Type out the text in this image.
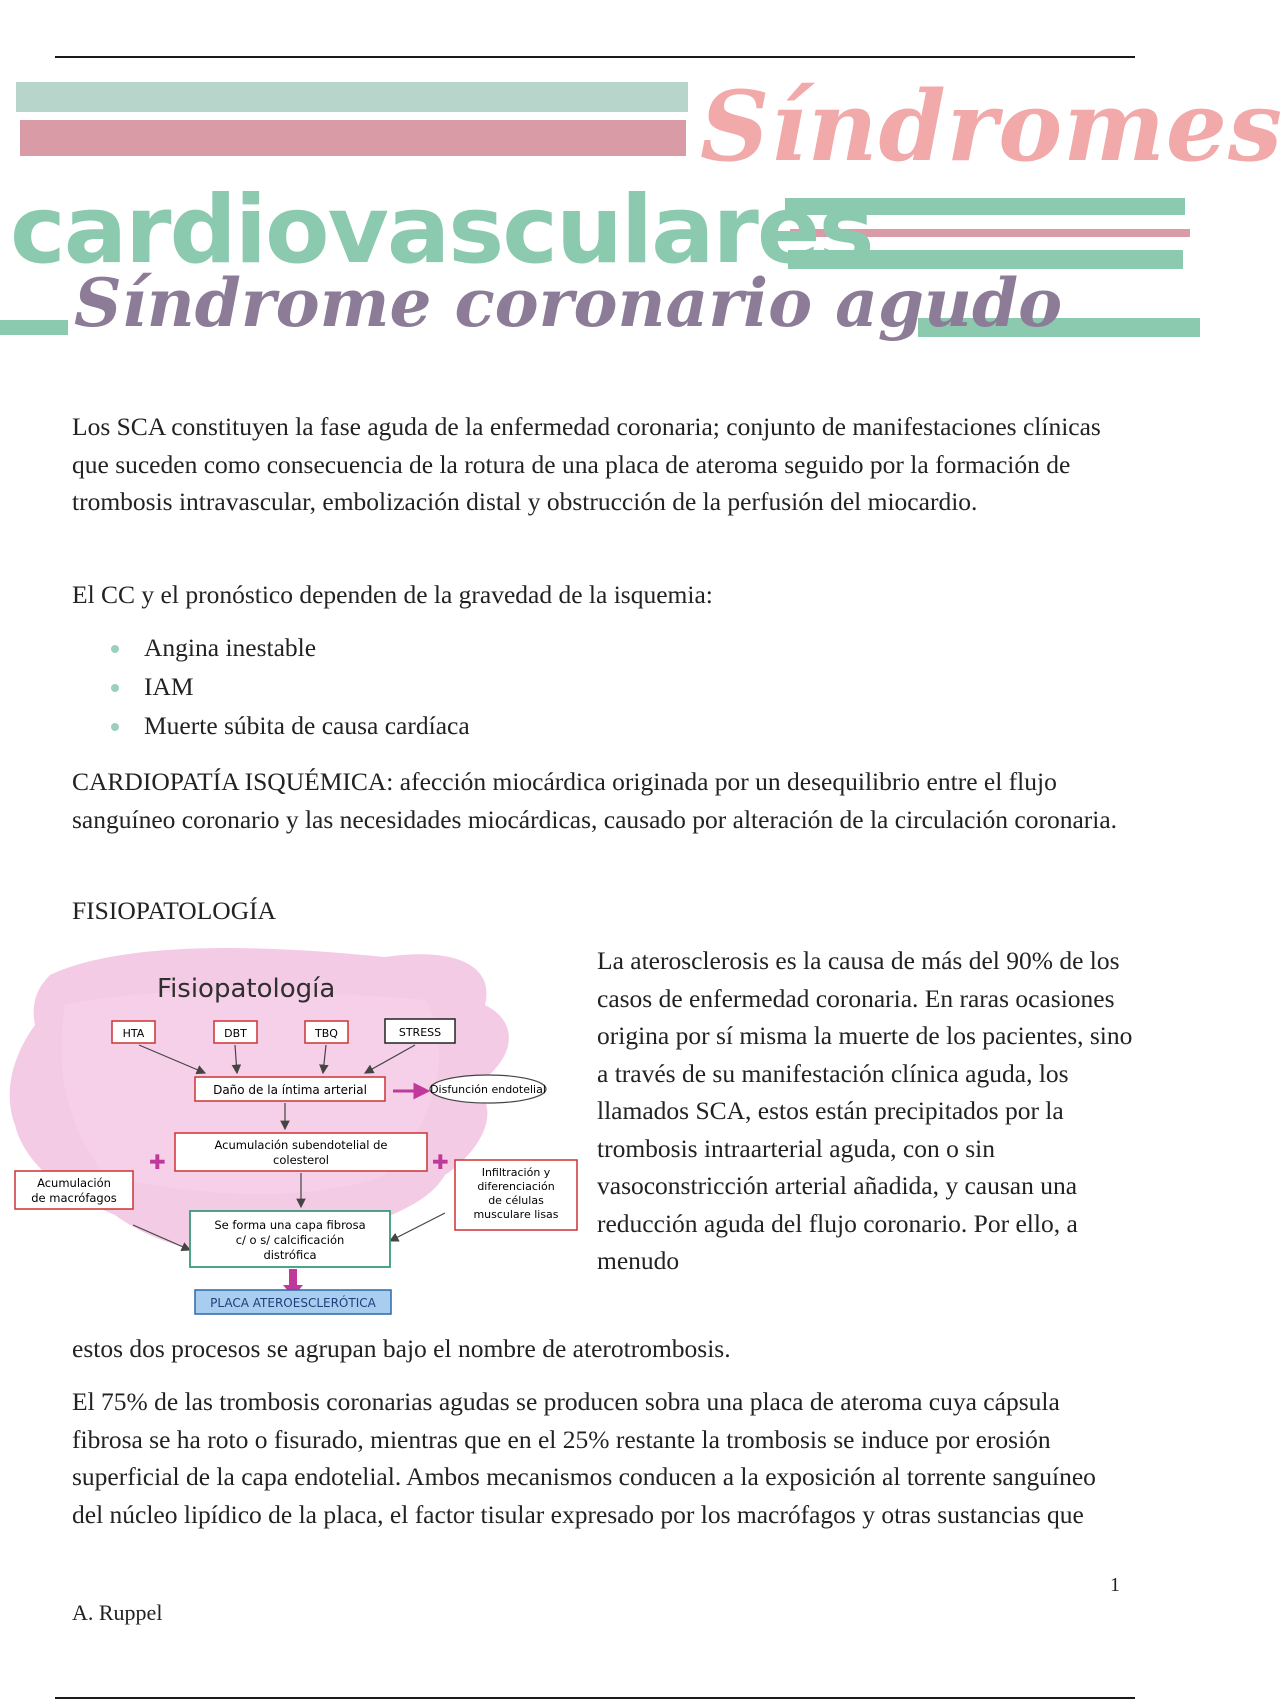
Síndromes
cardiovasculares
Síndrome coronario agudo

Los SCA constituyen la fase aguda de la enfermedad coronaria; conjunto de manifestaciones clínicas que suceden como consecuencia de la rotura de una placa de ateroma seguido por la formación de trombosis intravascular, embolización distal y obstrucción de la perfusión del miocardio.

El CC y el pronóstico dependen de la gravedad de la isquemia:

Angina inestable
IAM
Muerte súbita de causa cardíaca

CARDIOPATÍA ISQUÉMICA: afección miocárdica originada por un desequilibrio entre el flujo sanguíneo coronario y las necesidades miocárdicas, causado por alteración de la circulación coronaria.

FISIOPATOLOGÍA

Fisiopatología
HTA	DBT	TBQ	STRESS
Daño de la íntima arterial	Disfunción endotelial
Acumulación subendotelial de
colesterol
✚	✚
Acumulación
de macrófagos
Infiltración y
diferenciación
de células
musculare lisas
Se forma una capa fibrosa
c/ o s/ calcificación
distrófica
PLACA ATEROESCLERÓTICA

La aterosclerosis es la causa de más del 90% de los casos de enfermedad coronaria. En raras ocasiones origina por sí misma la muerte de los pacientes, sino a través de su manifestación clínica aguda, los llamados SCA, estos están precipitados por la trombosis intraarterial aguda, con o sin vasoconstricción arterial añadida, y causan una reducción aguda del flujo coronario. Por ello, a menudo

estos dos procesos se agrupan bajo el nombre de aterotrombosis.

El 75% de las trombosis coronarias agudas se producen sobra una placa de ateroma cuya cápsula fibrosa se ha roto o fisurado, mientras que en el 25% restante la trombosis se induce por erosión superficial de la capa endotelial. Ambos mecanismos conducen a la exposición al torrente sanguíneo del núcleo lipídico de la placa, el factor tisular expresado por los macrófagos y otras sustancias que

1
A. Ruppel
